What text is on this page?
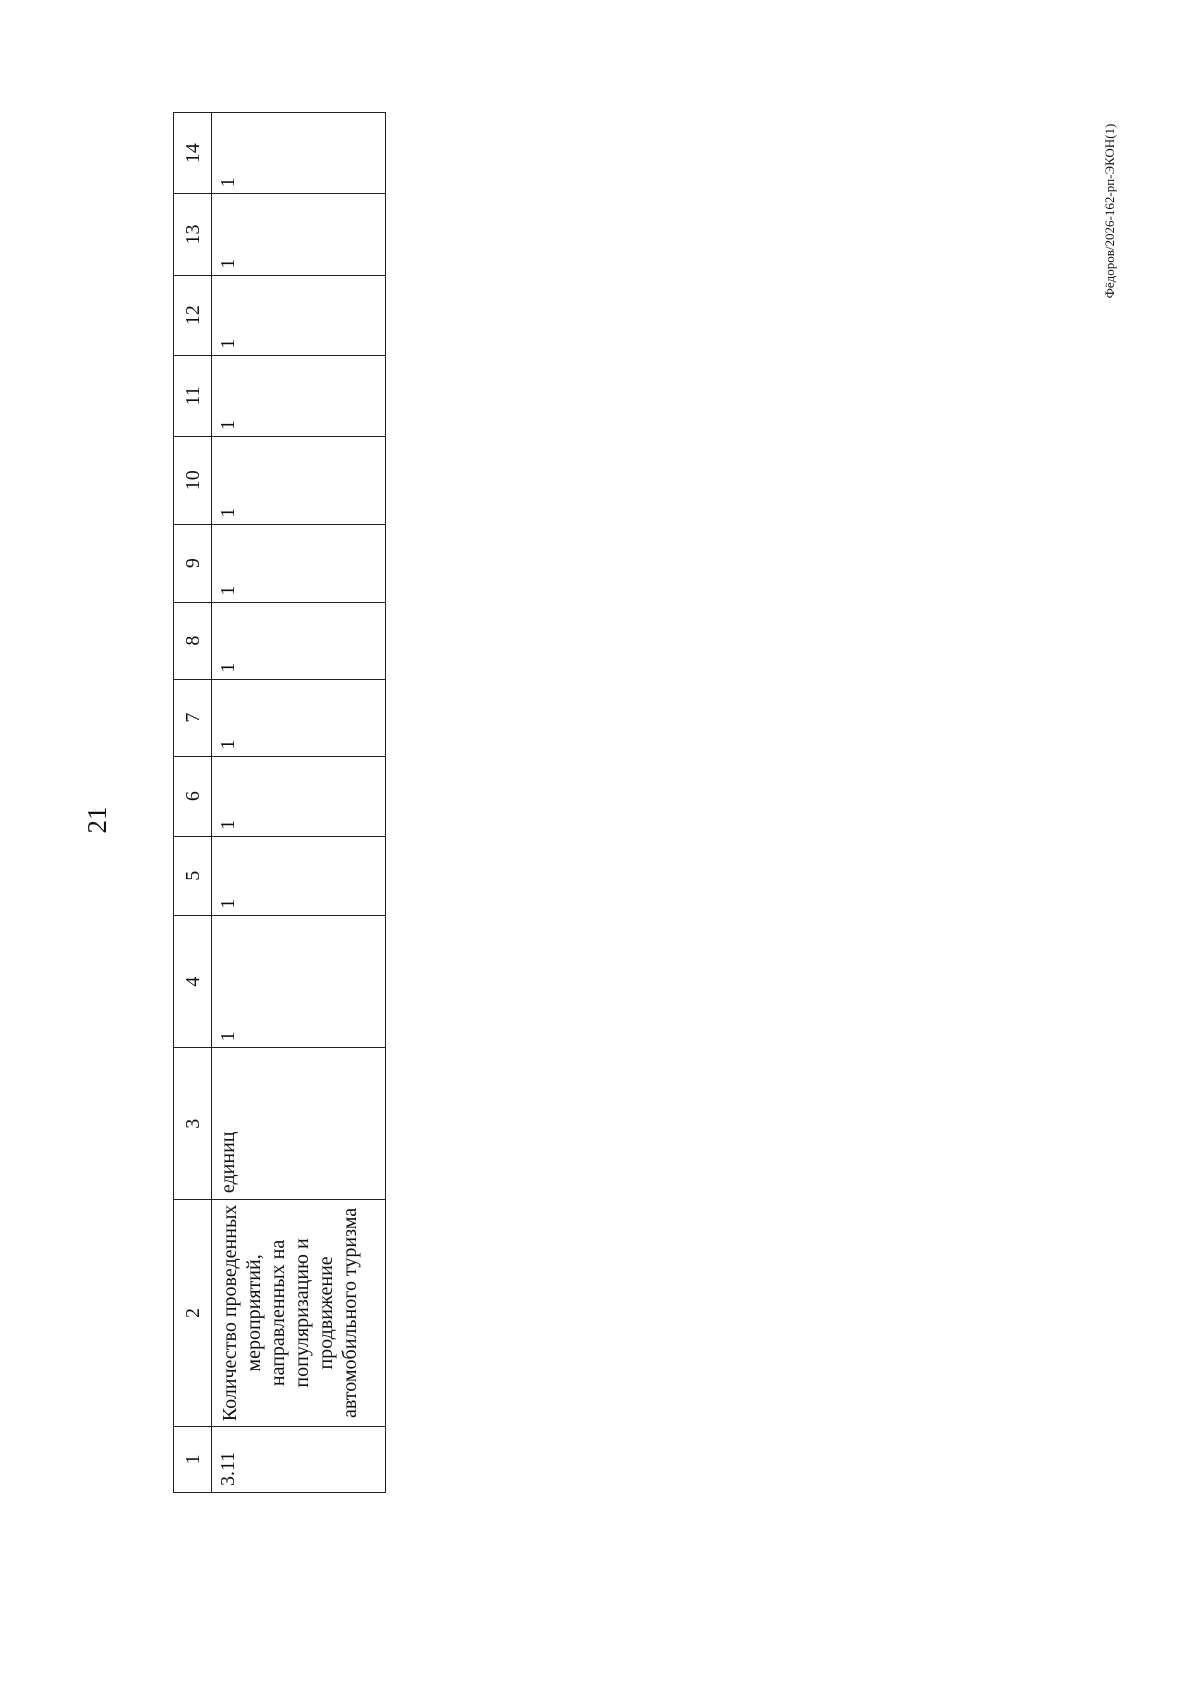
21
Фёдоров/2026-162-рп-ЭКОН(1)
1	2	3	4	5	6	7	8	9	10	11	12	13	14
3.11	Количество проведенных мероприятий, направленных на популяризацию и продвижение автомобильного туризма	единиц	1	1	1	1	1	1	1	1	1	1	1
